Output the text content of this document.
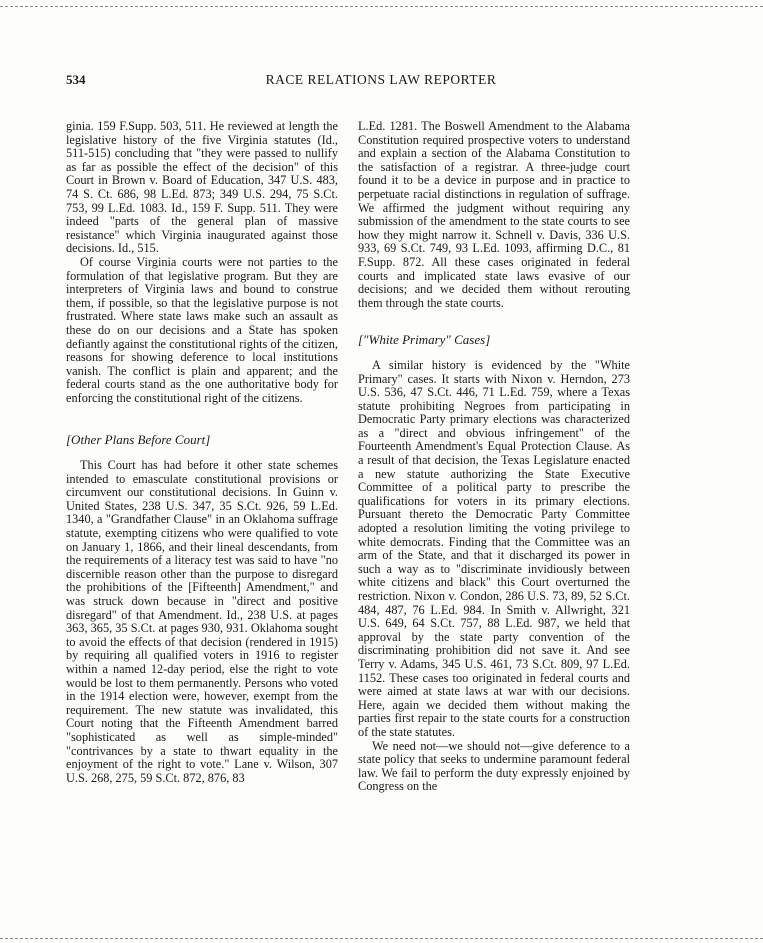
534	RACE RELATIONS LAW REPORTER

ginia. 159 F.Supp. 503, 511. He reviewed at length the legislative history of the five Virginia statutes (Id., 511-515) concluding that "they were passed to nullify as far as possible the effect of the decision" of this Court in Brown v. Board of Education, 347 U.S. 483, 74 S. Ct. 686, 98 L.Ed. 873; 349 U.S. 294, 75 S.Ct. 753, 99 L.Ed. 1083. Id., 159 F. Supp. 511. They were indeed "parts of the general plan of massive resistance" which Virginia inaugurated against those decisions. Id., 515.

Of course Virginia courts were not parties to the formulation of that legislative program. But they are interpreters of Virginia laws and bound to construe them, if possible, so that the legislative purpose is not frustrated. Where state laws make such an assault as these do on our decisions and a State has spoken defiantly against the constitutional rights of the citizen, reasons for showing deference to local institutions vanish. The conflict is plain and apparent; and the federal courts stand as the one authoritative body for enforcing the constitutional right of the citizens.

[Other Plans Before Court]

This Court has had before it other state schemes intended to emasculate constitutional provisions or circumvent our constitutional decisions. In Guinn v. United States, 238 U.S. 347, 35 S.Ct. 926, 59 L.Ed. 1340, a "Grandfather Clause" in an Oklahoma suffrage statute, exempting citizens who were qualified to vote on January 1, 1866, and their lineal descendants, from the requirements of a literacy test was said to have "no discernible reason other than the purpose to disregard the prohibitions of the [Fifteenth] Amendment," and was struck down because in "direct and positive disregard" of that Amendment. Id., 238 U.S. at pages 363, 365, 35 S.Ct. at pages 930, 931. Oklahoma sought to avoid the effects of that decision (rendered in 1915) by requiring all qualified voters in 1916 to register within a named 12-day period, else the right to vote would be lost to them permanently. Persons who voted in the 1914 election were, however, exempt from the requirement. The new statute was invalidated, this Court noting that the Fifteenth Amendment barred "sophisticated as well as simple-minded" "contrivances by a state to thwart equality in the enjoyment of the right to vote." Lane v. Wilson, 307 U.S. 268, 275, 59 S.Ct. 872, 876, 83

L.Ed. 1281. The Boswell Amendment to the Alabama Constitution required prospective voters to understand and explain a section of the Alabama Constitution to the satisfaction of a registrar. A three-judge court found it to be a device in purpose and in practice to perpetuate racial distinctions in regulation of suffrage. We affirmed the judgment without requiring any submission of the amendment to the state courts to see how they might narrow it. Schnell v. Davis, 336 U.S. 933, 69 S.Ct. 749, 93 L.Ed. 1093, affirming D.C., 81 F.Supp. 872. All these cases originated in federal courts and implicated state laws evasive of our decisions; and we decided them without rerouting them through the state courts.

["White Primary" Cases]

A similar history is evidenced by the "White Primary" cases. It starts with Nixon v. Herndon, 273 U.S. 536, 47 S.Ct. 446, 71 L.Ed. 759, where a Texas statute prohibiting Negroes from participating in Democratic Party primary elections was characterized as a "direct and obvious infringement" of the Fourteenth Amendment's Equal Protection Clause. As a result of that decision, the Texas Legislature enacted a new statute authorizing the State Executive Committee of a political party to prescribe the qualifications for voters in its primary elections. Pursuant thereto the Democratic Party Committee adopted a resolution limiting the voting privilege to white democrats. Finding that the Committee was an arm of the State, and that it discharged its power in such a way as to "discriminate invidiously between white citizens and black" this Court overturned the restriction. Nixon v. Condon, 286 U.S. 73, 89, 52 S.Ct. 484, 487, 76 L.Ed. 984. In Smith v. Allwright, 321 U.S. 649, 64 S.Ct. 757, 88 L.Ed. 987, we held that approval by the state party convention of the discriminating prohibition did not save it. And see Terry v. Adams, 345 U.S. 461, 73 S.Ct. 809, 97 L.Ed. 1152. These cases too originated in federal courts and were aimed at state laws at war with our decisions. Here, again we decided them without making the parties first repair to the state courts for a construction of the state statutes.

We need not—we should not—give deference to a state policy that seeks to undermine paramount federal law. We fail to perform the duty expressly enjoined by Congress on the
